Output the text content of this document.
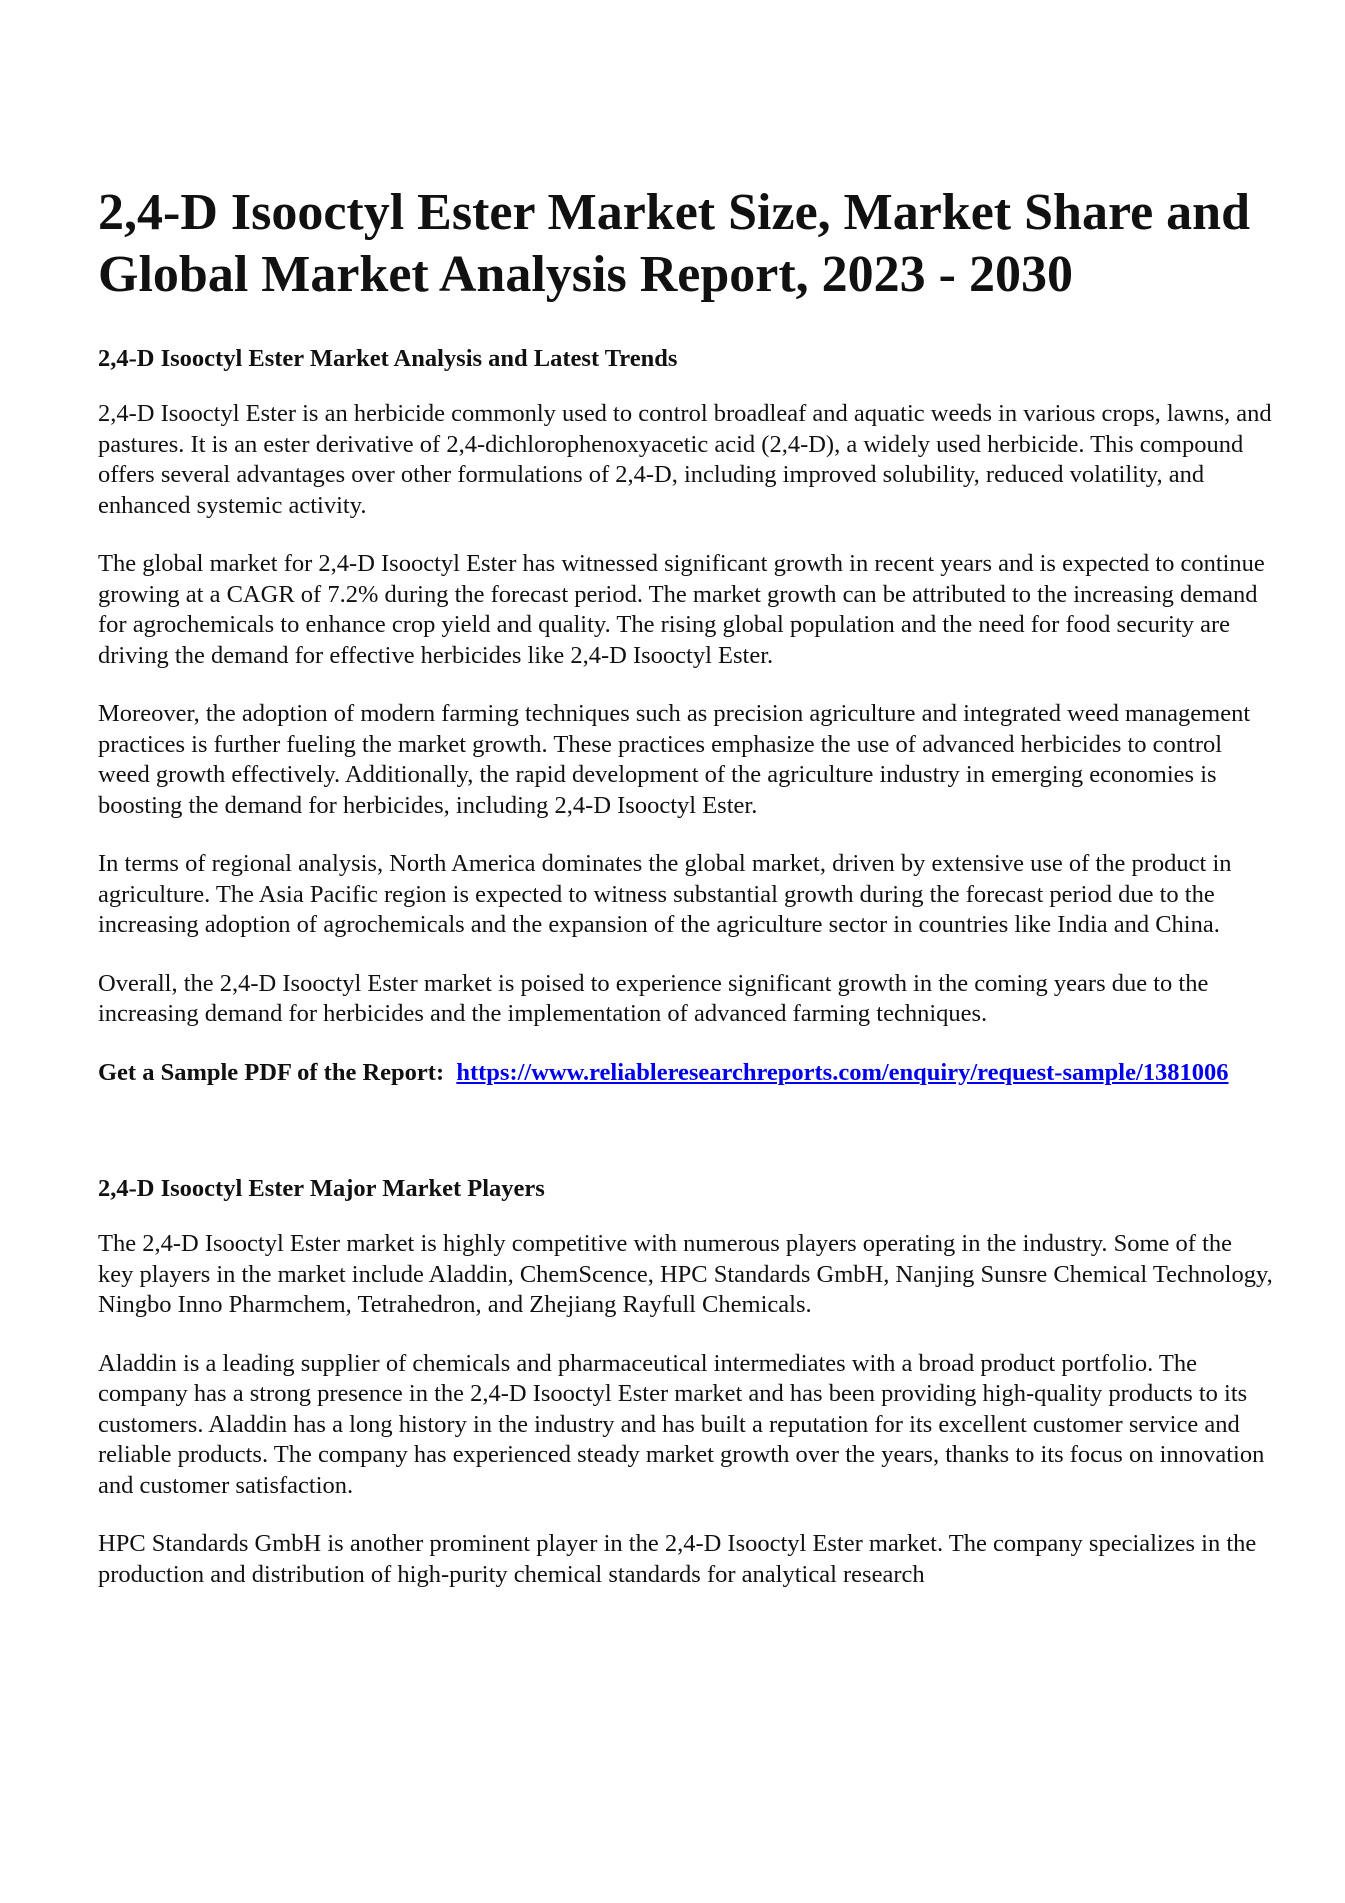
2,4-D Isooctyl Ester Market Size, Market Share and Global Market Analysis Report, 2023 - 2030
2,4-D Isooctyl Ester Market Analysis and Latest Trends

2,4-D Isooctyl Ester is an herbicide commonly used to control broadleaf and aquatic weeds in various crops, lawns, and pastures. It is an ester derivative of 2,4-dichlorophenoxyacetic acid (2,4-D), a widely used herbicide. This compound offers several advantages over other formulations of 2,4-D, including improved solubility, reduced volatility, and enhanced systemic activity.

The global market for 2,4-D Isooctyl Ester has witnessed significant growth in recent years and is expected to continue growing at a CAGR of 7.2% during the forecast period. The market growth can be attributed to the increasing demand for agrochemicals to enhance crop yield and quality. The rising global population and the need for food security are driving the demand for effective herbicides like 2,4-D Isooctyl Ester.

Moreover, the adoption of modern farming techniques such as precision agriculture and integrated weed management practices is further fueling the market growth. These practices emphasize the use of advanced herbicides to control weed growth effectively. Additionally, the rapid development of the agriculture industry in emerging economies is boosting the demand for herbicides, including 2,4-D Isooctyl Ester.

In terms of regional analysis, North America dominates the global market, driven by extensive use of the product in agriculture. The Asia Pacific region is expected to witness substantial growth during the forecast period due to the increasing adoption of agrochemicals and the expansion of the agriculture sector in countries like India and China.

Overall, the 2,4-D Isooctyl Ester market is poised to experience significant growth in the coming years due to the increasing demand for herbicides and the implementation of advanced farming techniques.

Get a Sample PDF of the Report: https://www.reliableresearchreports.com/enquiry/request-sample/1381006

2,4-D Isooctyl Ester Major Market Players

The 2,4-D Isooctyl Ester market is highly competitive with numerous players operating in the industry. Some of the key players in the market include Aladdin, ChemScence, HPC Standards GmbH, Nanjing Sunsre Chemical Technology, Ningbo Inno Pharmchem, Tetrahedron, and Zhejiang Rayfull Chemicals.

Aladdin is a leading supplier of chemicals and pharmaceutical intermediates with a broad product portfolio. The company has a strong presence in the 2,4-D Isooctyl Ester market and has been providing high-quality products to its customers. Aladdin has a long history in the industry and has built a reputation for its excellent customer service and reliable products. The company has experienced steady market growth over the years, thanks to its focus on innovation and customer satisfaction.

HPC Standards GmbH is another prominent player in the 2,4-D Isooctyl Ester market. The company specializes in the production and distribution of high-purity chemical standards for analytical research
